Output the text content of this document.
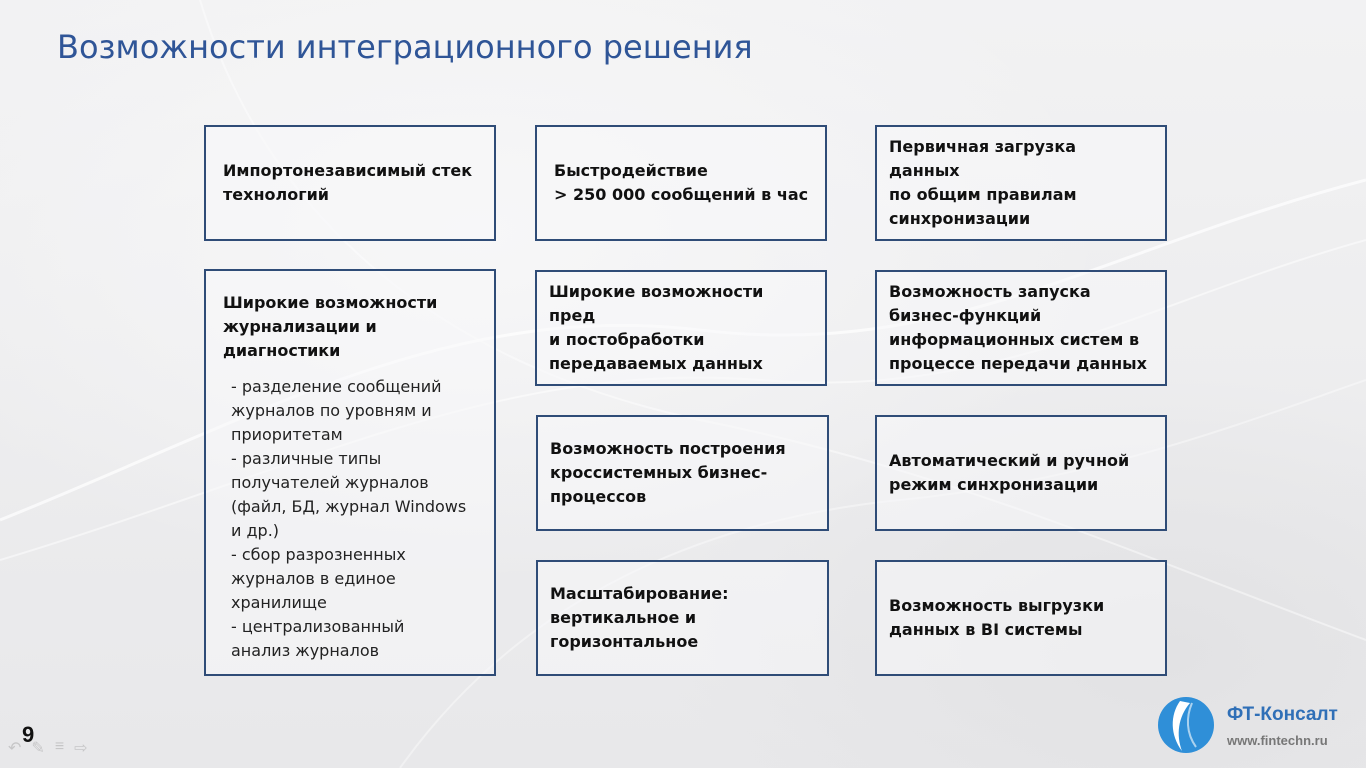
Возможности интеграционного решения
Импортонезависимый стек
технологий
Быстродействие
> 250 000 сообщений в час
Первичная загрузка данных
по общим правилам
синхронизации
Широкие возможности
журнализации и
диагностики
- разделение сообщений
журналов по уровням и
приоритетам
- различные типы
получателей журналов
(файл, БД, журнал Windows
и др.)
- сбор разрозненных
журналов в единое
хранилище
- централизованный
анализ журналов
Широкие возможности пред
и постобработки
передаваемых данных
Возможность запуска
бизнес-функций
информационных систем в
процессе передачи данных
Возможность построения
кроссистемных бизнес-
процессов
Автоматический и ручной
режим синхронизации
Масштабирование:
вертикальное и
горизонтальное
Возможность выгрузки
данных в BI системы
9
↶ ✎ ≡ ⇨
ФТ-Консалт
www.fintechn.ru
